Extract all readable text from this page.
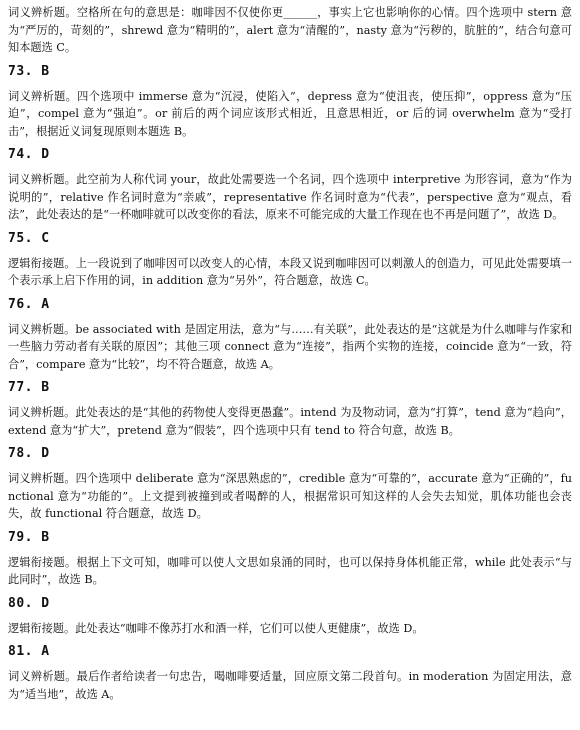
词义辨析题。空格所在句的意思是：咖啡因不仅使你更______，事实上它也影响你的心情。四个选项中 stern 意为“严厉的，苛刻的”，shrewd 意为“精明的”，alert 意为“清醒的”，nasty 意为“污秽的，肮脏的”，结合句意可知本题选 C。

73. B

词义辨析题。四个选项中 immerse 意为“沉浸，使陷入”，depress 意为“使沮丧，使压抑”，oppress 意为“压迫”，compel 意为“强迫”。or 前后的两个词应该形式相近，且意思相近，or 后的词 overwhelm 意为“受打击”，根据近义词复现原则本题选 B。

74. D

词义辨析题。此空前为人称代词 your，故此处需要选一个名词，四个选项中 interpretive 为形容词，意为“作为说明的”，relative 作名词时意为“亲戚”，representative 作名词时意为“代表”，perspective 意为“观点，看法”，此处表达的是“一杯咖啡就可以改变你的看法，原来不可能完成的大量工作现在也不再是问题了”，故选 D。

75. C

逻辑衔接题。上一段说到了咖啡因可以改变人的心情，本段又说到咖啡因可以刺激人的创造力，可见此处需要填一个表示承上启下作用的词，in addition 意为“另外”，符合题意，故选 C。

76. A

词义辨析题。be associated with 是固定用法，意为“与……有关联”，此处表达的是“这就是为什么咖啡与作家和一些脑力劳动者有关联的原因”；其他三项 connect 意为“连接”，指两个实物的连接，coincide 意为“一致，符合”，compare 意为“比较”，均不符合题意，故选 A。

77. B

词义辨析题。此处表达的是“其他的药物使人变得更愚蠢”。intend 为及物动词，意为“打算”，tend 意为“趋向”，extend 意为“扩大”，pretend 意为“假装”，四个选项中只有 tend to 符合句意，故选 B。

78. D

词义辨析题。四个选项中 deliberate 意为“深思熟虑的”，credible 意为“可靠的”，accurate 意为“正确的”，functional 意为“功能的”。上文提到被撞到或者喝醉的人，根据常识可知这样的人会失去知觉，肌体功能也会丧失，故 functional 符合题意，故选 D。

79. B

逻辑衔接题。根据上下文可知，咖啡可以使人文思如泉涌的同时，也可以保持身体机能正常，while 此处表示“与此同时”，故选 B。

80. D

逻辑衔接题。此处表达“咖啡不像苏打水和酒一样，它们可以使人更健康”，故选 D。

81. A

词义辨析题。最后作者给读者一句忠告，喝咖啡要适量，回应原文第二段首句。in moderation 为固定用法，意为“适当地”，故选 A。
